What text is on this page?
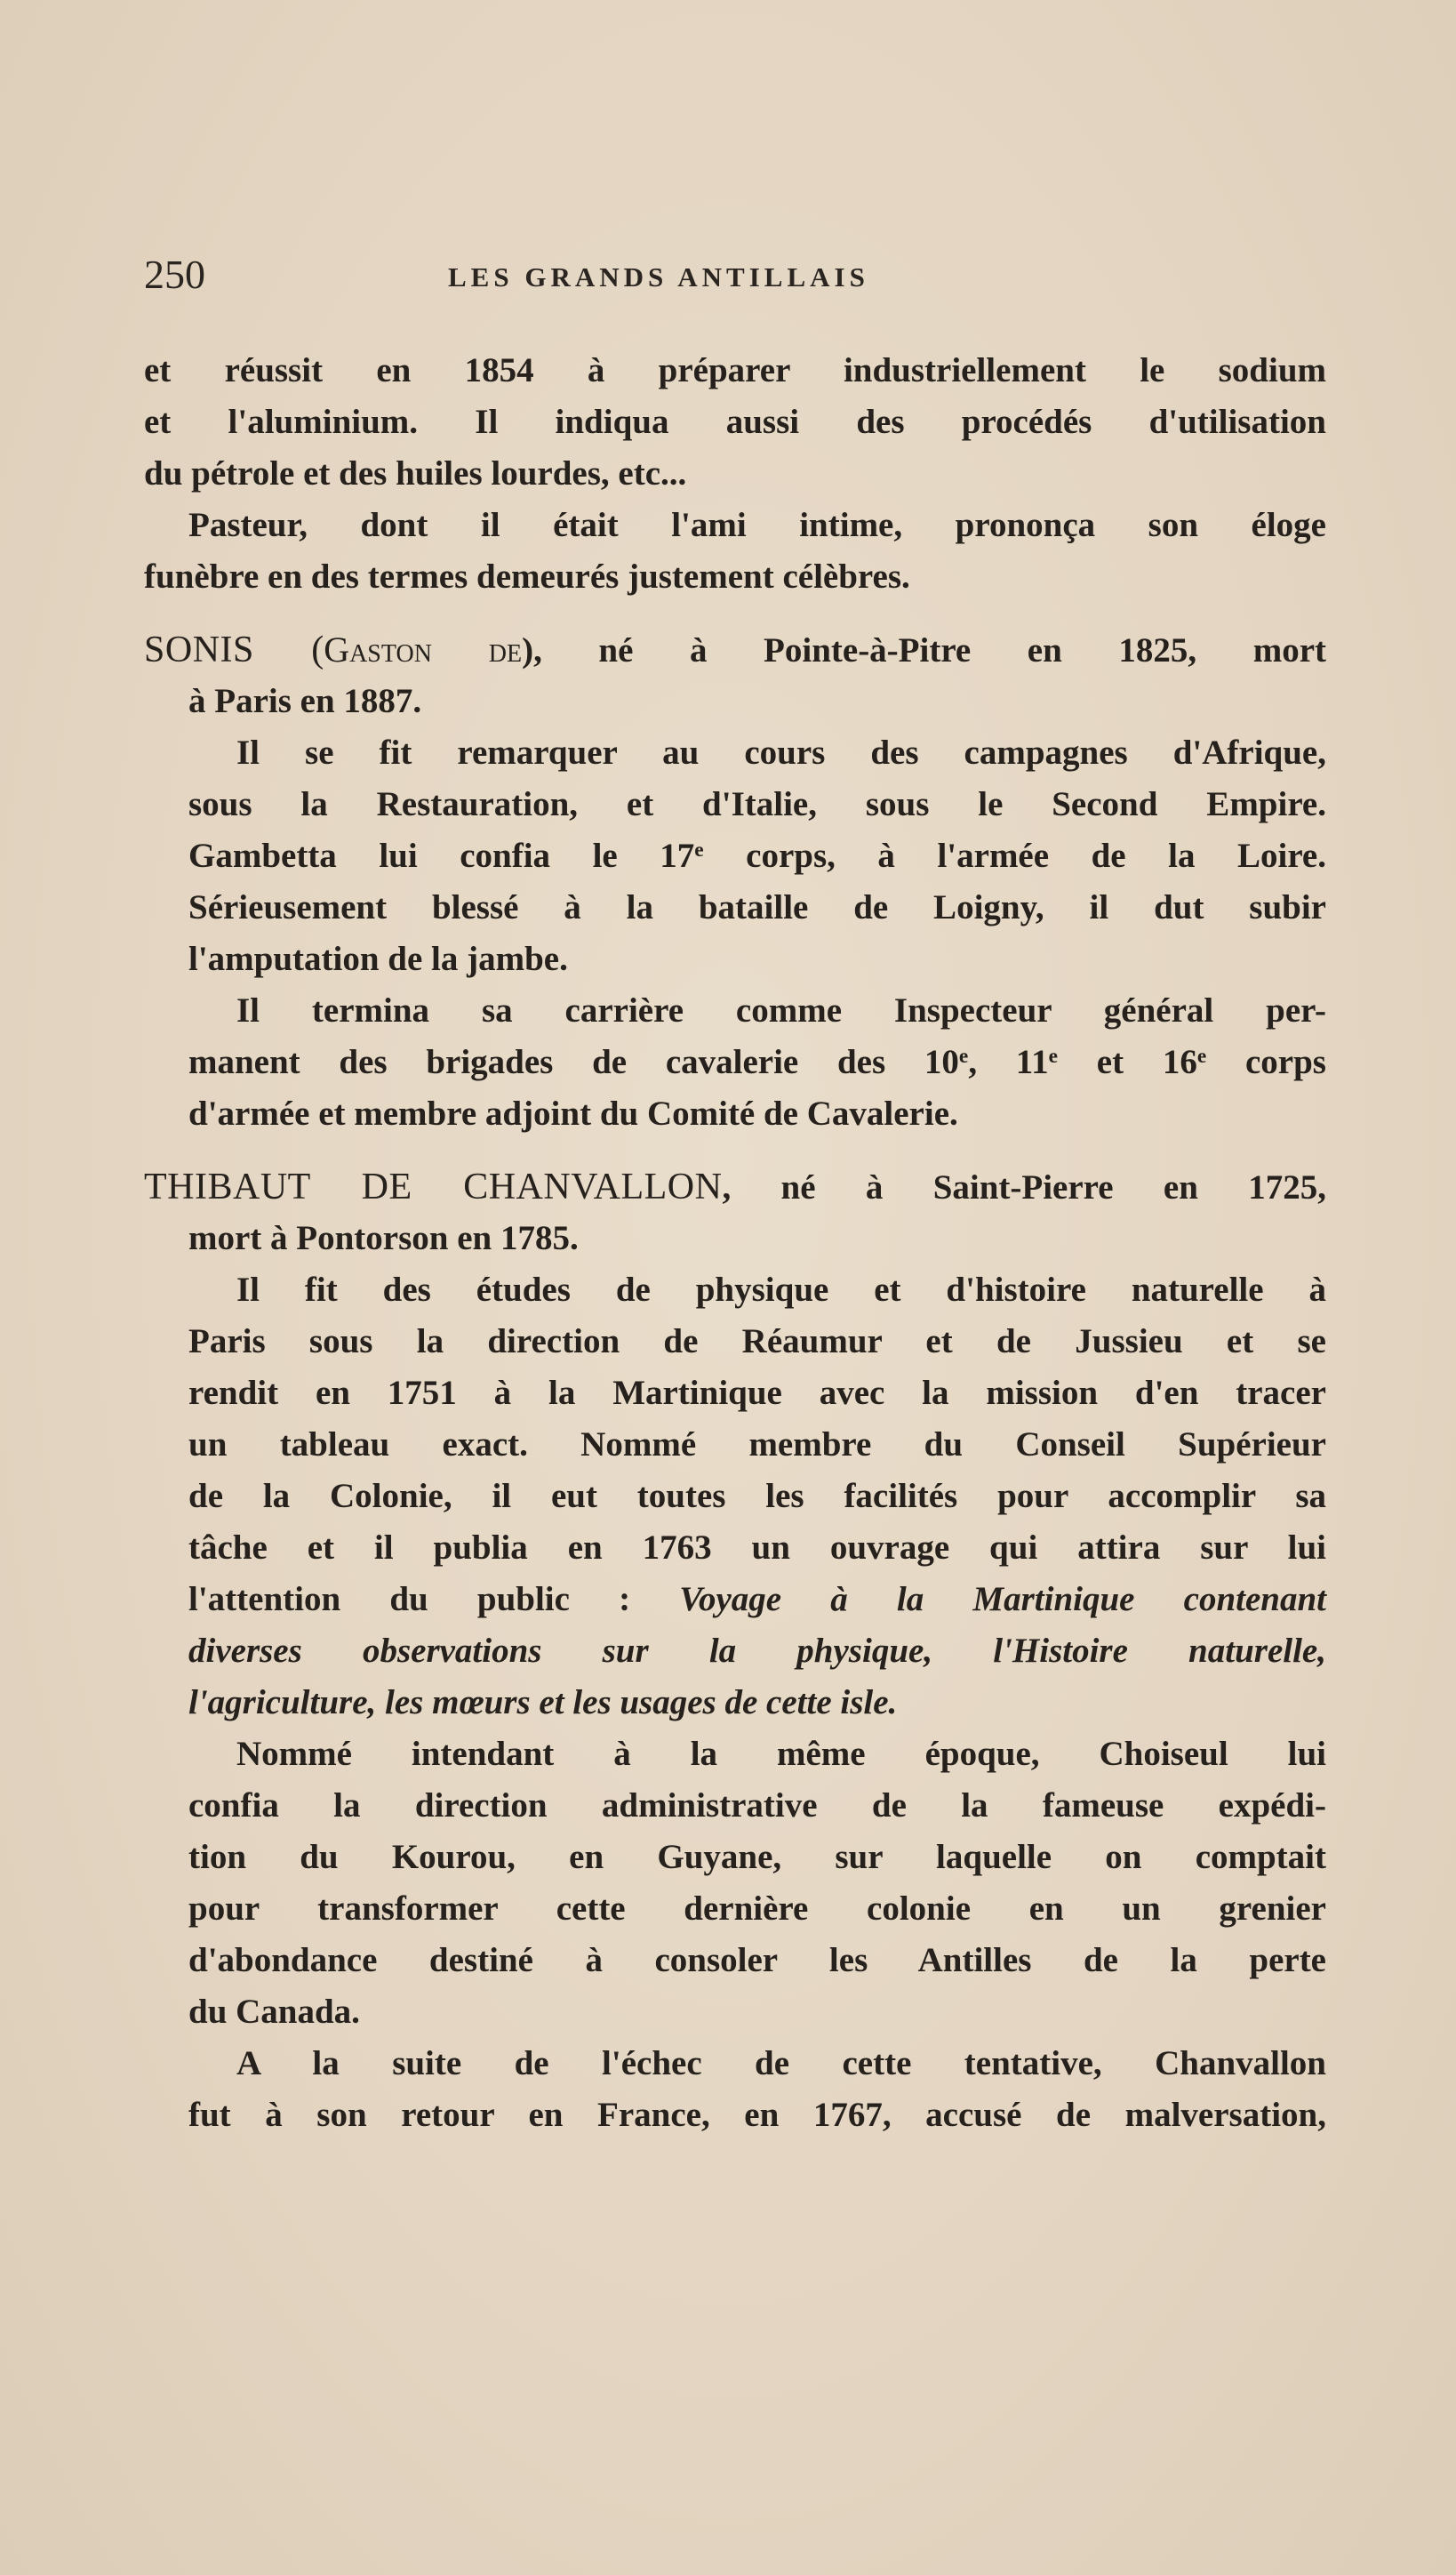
250	LES GRANDS ANTILLAIS
et réussit en 1854 à préparer industriellement le sodium
et l'aluminium. Il indiqua aussi des procédés d'utilisation
du pétrole et des huiles lourdes, etc...
Pasteur, dont il était l'ami intime, prononça son éloge
funèbre en des termes demeurés justement célèbres.
SONIS (Gaston de), né à Pointe-à-Pitre en 1825, mort
à Paris en 1887.
Il se fit remarquer au cours des campagnes d'Afrique,
sous la Restauration, et d'Italie, sous le Second Empire.
Gambetta lui confia le 17e corps, à l'armée de la Loire.
Sérieusement blessé à la bataille de Loigny, il dut subir
l'amputation de la jambe.
Il termina sa carrière comme Inspecteur général per-
manent des brigades de cavalerie des 10e, 11e et 16e corps
d'armée et membre adjoint du Comité de Cavalerie.
THIBAUT DE CHANVALLON, né à Saint-Pierre en 1725,
mort à Pontorson en 1785.
Il fit des études de physique et d'histoire naturelle à
Paris sous la direction de Réaumur et de Jussieu et se
rendit en 1751 à la Martinique avec la mission d'en tracer
un tableau exact. Nommé membre du Conseil Supérieur
de la Colonie, il eut toutes les facilités pour accomplir sa
tâche et il publia en 1763 un ouvrage qui attira sur lui
l'attention du public : Voyage à la Martinique contenant
diverses observations sur la physique, l'Histoire naturelle,
l'agriculture, les mœurs et les usages de cette isle.
Nommé intendant à la même époque, Choiseul lui
confia la direction administrative de la fameuse expédi-
tion du Kourou, en Guyane, sur laquelle on comptait
pour transformer cette dernière colonie en un grenier
d'abondance destiné à consoler les Antilles de la perte
du Canada.
A la suite de l'échec de cette tentative, Chanvallon
fut à son retour en France, en 1767, accusé de malversation,
